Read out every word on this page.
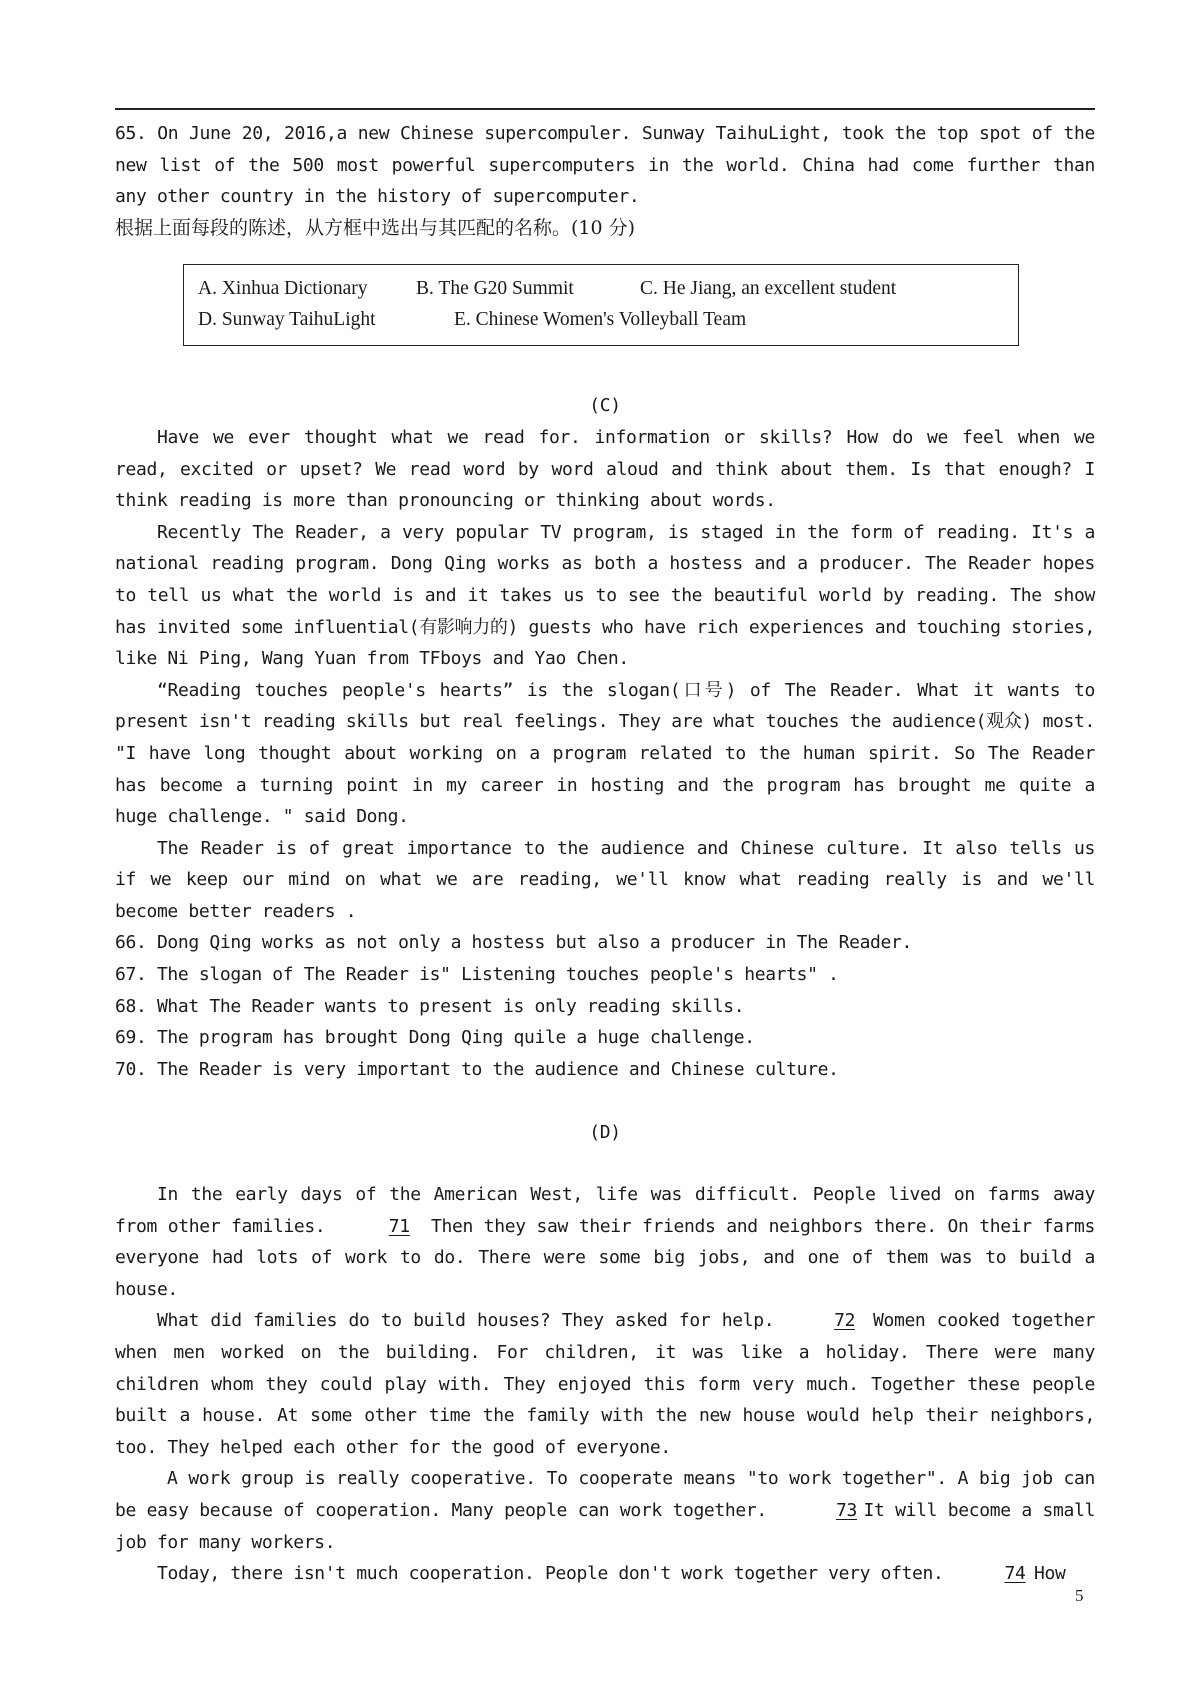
65. On June 20, 2016,a new Chinese supercompuler. Sunway TaihuLight, took the top spot of the new list of the 500 most powerful supercomputers in the world. China had come further than any other country in the history of supercomputer.

根据上面每段的陈述，从方框中选出与其匹配的名称。(10 分)

A. Xinhua Dictionary	B. The G20 Summit	C. He Jiang, an excellent student
D. Sunway TaihuLight	E. Chinese Women's Volleyball Team

(C)

Have we ever thought what we read for. information or skills? How do we feel when we read, excited or upset? We read word by word aloud and think about them. Is that enough? I think reading is more than pronouncing or thinking about words.

Recently The Reader, a very popular TV program, is staged in the form of reading. It's a national reading program. Dong Qing works as both a hostess and a producer. The Reader hopes to tell us what the world is and it takes us to see the beautiful world by reading. The show has invited some influential(有影响力的) guests who have rich experiences and touching stories, like Ni Ping, Wang Yuan from TFboys and Yao Chen.

“Reading touches people's hearts” is the slogan(口号) of The Reader. What it wants to present isn't reading skills but real feelings. They are what touches the audience(观众) most. "I have long thought about working on a program related to the human spirit. So The Reader has become a turning point in my career in hosting and the program has brought me quite a huge challenge. " said Dong.

The Reader is of great importance to the audience and Chinese culture. It also tells us if we keep our mind on what we are reading, we'll know what reading really is and we'll become better readers .

66. Dong Qing works as not only a hostess but also a producer in The Reader.

67. The slogan of The Reader is" Listening touches people's hearts" .

68. What The Reader wants to present is only reading skills.

69. The program has brought Dong Qing quile a huge challenge.

70. The Reader is very important to the audience and Chinese culture.

(D)

In the early days of the American West, life was difficult. People lived on farms away from other families.	71 Then they saw their friends and neighbors there. On their farms everyone had lots of work to do. There were some big jobs, and one of them was to build a house.

What did families do to build houses? They asked for help.	72 Women cooked together when men worked on the building. For children, it was like a holiday. There were many children whom they could play with. They enjoyed this form very much. Together these people built a house. At some other time the family with the new house would help their neighbors, too. They helped each other for the good of everyone.

A work group is really cooperative. To cooperate means "to work together". A big job can be easy because of cooperation. Many people can work together.	73 It will become a small job for many workers.

Today, there isn't much cooperation. People don't work together very often.	74 How

5
